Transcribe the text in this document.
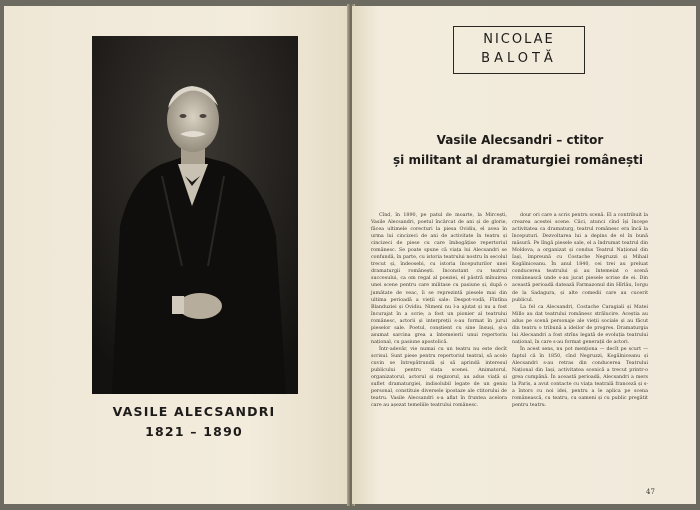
VASILE ALECSANDRI
1821 – 1890
NICOLAE
BALOTĂ
Vasile Alecsandri – ctitor
și militant al dramaturgiei românești

Cînd, în 1890, pe patul de moarte, la Mircești, Vasile Alecsandri, poetul încărcat de ani și de glorie, făcea ultimele corecturi la piesa Ovidiu, el avea în urma lui cincizeci de ani de activitate în teatru și cincizeci de piese cu care îmbogățise repertoriul românesc. Se poate spune că viața lui Alecsandri se confundă, în parte, cu istoria teatrului nostru în secolul trecut și, îndeosebi, cu istoria începuturilor unei dramaturgii românești. Inconstant cu teatrul succesului, ca om regal al poeziei, el păstră mînuirea unei scene pentru care militase cu pasiune și, după o jumătate de veac, îi se reprezintă piesele mai din ultima perioadă a vieții sale: Despot-vodă, Fîntîna Blanduziei și Ovidiu. Nimeni nu l-a ajutat și nu a fost încurajat în a scrie; a fost un pionier al teatrului românesc, actorii și interpreții s-au format în jurul pieselor sale. Poetul, conștient cu sine însuși, și-a asumat sarcina grea a întemeierii unui repertoriu național, cu pasiune apostolică.

Într-adevăr, vie numai cu un teatru nu este decît scrisul. Sunt piese pentru repertoriul teatral, să acolo cuvin se întrepătrundă și să aprindă interesul publicului pentru viața scenei. Animatorul, organizatorul, actorul și regizorul, au adus viață și suflet dramaturgiei, indisolubil legate de un geniu personal, constituie diversele ipostaze ale ctitorului de teatru. Vasile Alecsandri s-a aflat în fruntea acelora care au așezat temeliile teatrului românesc.

dour ori care a scris pentru scenă. El a contribuit la crearea acestei scene. Căci, atunci cînd își începe activitatea ca dramaturg, teatrul românesc era încă la începuturi. Dezvoltarea lui a depins de el în bună măsură. Pe lîngă piesele sale, el a îndrumat teatrul din Moldova, a organizat și condus Teatrul Național din Iași, împreună cu Costache Negruzzi și Mihail Kogălniceanu. În anul 1840, cei trei au preluat conducerea teatrului și au întemeiat o scenă românească unde s-au jucat piesele scrise de ei. Din această perioadă datează Farmazonul din Hîrlău, Iorgu de la Sadagura, și alte comedii care au cucerit publicul.

La fel ca Alecsandri, Costache Caragiali și Matei Millo au dat teatrului românesc strălucire. Aceștia au adus pe scenă personaje ale vieții sociale și au făcut din teatru o tribună a ideilor de progres. Dramaturgia lui Alecsandri a fost strîns legată de evoluția teatrului național, în care s-au format generații de actori.

În acest sens, nu pot menționa — decît pe scurt — faptul că în 1850, cînd Negruzzi, Kogălniceanu și Alecsandri s-au retras din conducerea Teatrului Național din Iași, activitatea scenică a trecut printr-o grea cumpănă. În această perioadă, Alecsandri a mers la Paris, a avut contacte cu viața teatrală franceză și s-a întors cu noi idei, pentru a le aplica pe scena românească, cu teatru, cu oameni și cu public pregătit pentru teatru.

47
